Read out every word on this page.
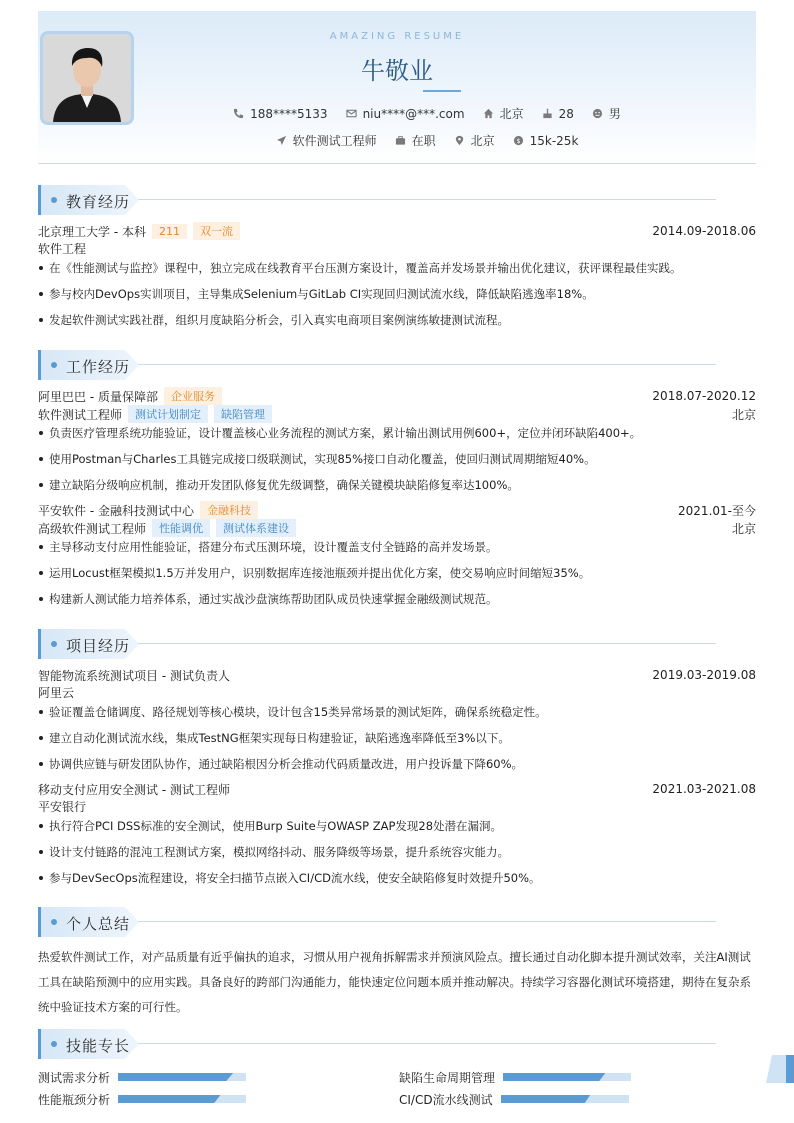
AMAZING RESUME
牛敬业
188****5133	niu****@***.com	北京	28	男
软件测试工程师	在职	北京	$ 15k-25k
教育经历
北京理工大学 - 本科	211	双一流	2014.09-2018.06
软件工程
在《性能测试与监控》课程中，独立完成在线教育平台压测方案设计，覆盖高并发场景并输出优化建议，获评课程最佳实践。
参与校内DevOps实训项目，主导集成Selenium与GitLab CI实现回归测试流水线，降低缺陷逃逸率18%。
发起软件测试实践社群，组织月度缺陷分析会，引入真实电商项目案例演练敏捷测试流程。
工作经历
阿里巴巴 - 质量保障部	企业服务	2018.07-2020.12
软件测试工程师	测试计划制定	缺陷管理	北京
负责医疗管理系统功能验证，设计覆盖核心业务流程的测试方案，累计输出测试用例600+，定位并闭环缺陷400+。
使用Postman与Charles工具链完成接口级联测试，实现85%接口自动化覆盖，使回归测试周期缩短40%。
建立缺陷分级响应机制，推动开发团队修复优先级调整，确保关键模块缺陷修复率达100%。
平安软件 - 金融科技测试中心	金融科技	2021.01-至今
高级软件测试工程师	性能调优	测试体系建设	北京
主导移动支付应用性能验证，搭建分布式压测环境，设计覆盖支付全链路的高并发场景。
运用Locust框架模拟1.5万并发用户，识别数据库连接池瓶颈并提出优化方案，使交易响应时间缩短35%。
构建新人测试能力培养体系，通过实战沙盘演练帮助团队成员快速掌握金融级测试规范。
项目经历
智能物流系统测试项目 - 测试负责人	2019.03-2019.08
阿里云
验证覆盖仓储调度、路径规划等核心模块，设计包含15类异常场景的测试矩阵，确保系统稳定性。
建立自动化测试流水线，集成TestNG框架实现每日构建验证，缺陷逃逸率降低至3%以下。
协调供应链与研发团队协作，通过缺陷根因分析会推动代码质量改进，用户投诉量下降60%。
移动支付应用安全测试 - 测试工程师	2021.03-2021.08
平安银行
执行符合PCI DSS标准的安全测试，使用Burp Suite与OWASP ZAP发现28处潜在漏洞。
设计支付链路的混沌工程测试方案，模拟网络抖动、服务降级等场景，提升系统容灾能力。
参与DevSecOps流程建设，将安全扫描节点嵌入CI/CD流水线，使安全缺陷修复时效提升50%。
个人总结
热爱软件测试工作，对产品质量有近乎偏执的追求，习惯从用户视角拆解需求并预演风险点。擅长通过自动化脚本提升测试效率，关注AI测试工具在缺陷预测中的应用实践。具备良好的跨部门沟通能力，能快速定位问题本质并推动解决。持续学习容器化测试环境搭建，期待在复杂系统中验证技术方案的可行性。
技能专长
测试需求分析	缺陷生命周期管理
性能瓶颈分析	CI/CD流水线测试
